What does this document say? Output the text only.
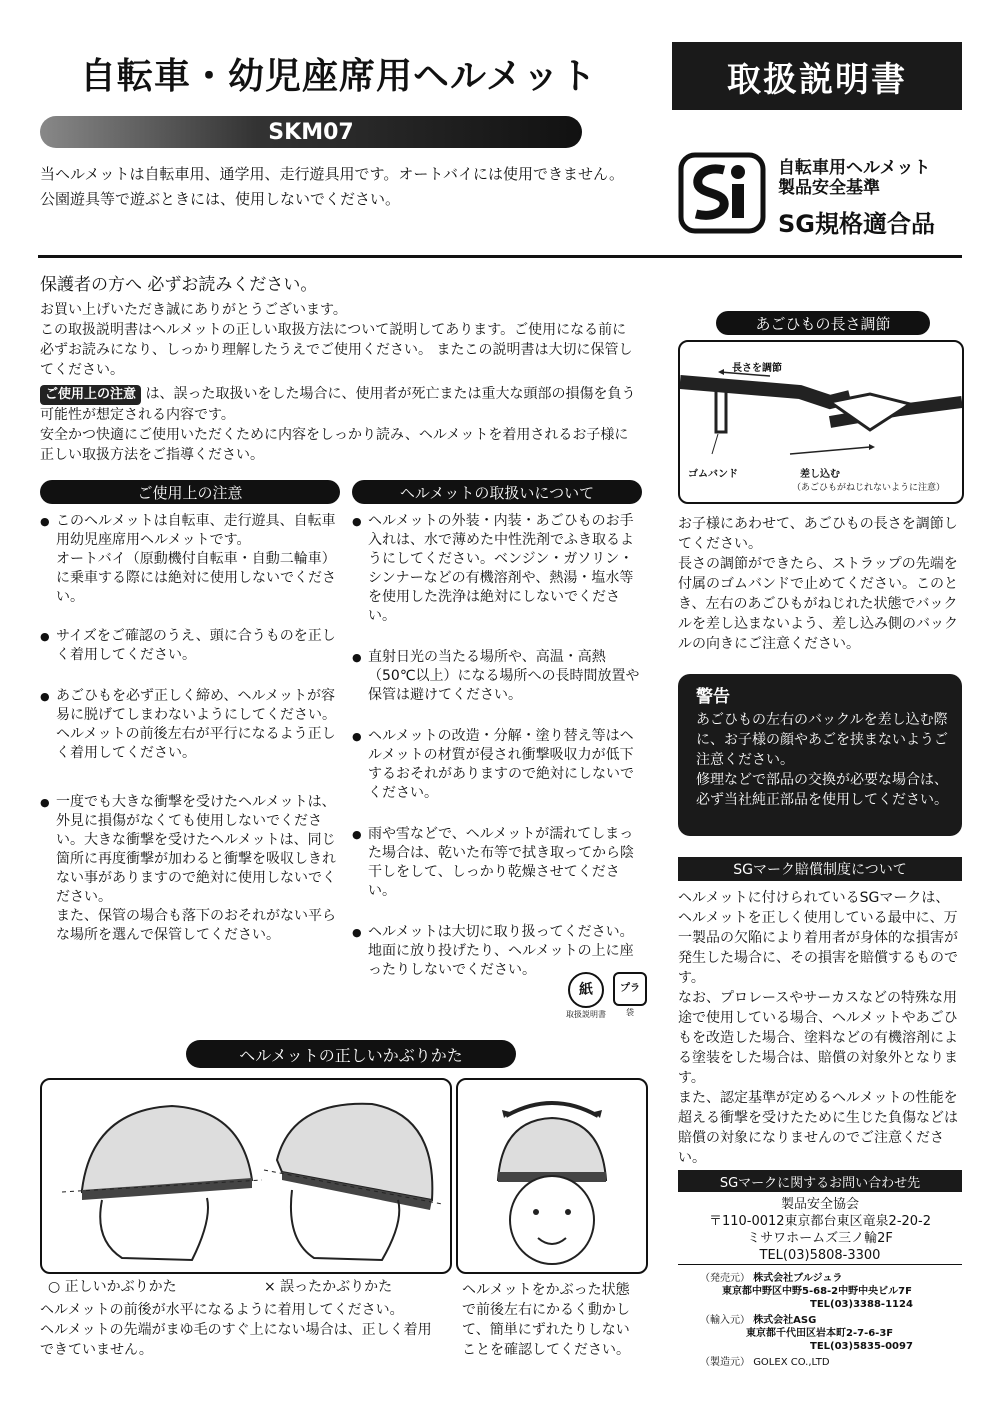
自転車・幼児座席用ヘルメット	取扱説明書
SKM07
当ヘルメットは自転車用、通学用、走行遊具用です。オートバイには使用できません。
公園遊具等で遊ぶときには、使用しないでください。
自転車用ヘルメット
製品安全基準
SG規格適合品
保護者の方へ 必ずお読みください。
お買い上げいただき誠にありがとうございます。
この取扱説明書はヘルメットの正しい取扱方法について説明してあります。ご使用になる前に必ずお読みになり、しっかり理解したうえでご使用ください。 またこの説明書は大切に保管してください。
ご使用上の注意 は、誤った取扱いをした場合に、使用者が死亡または重大な頭部の損傷を負う可能性が想定される内容です。
安全かつ快適にご使用いただくために内容をしっかり読み、ヘルメットを着用されるお子様に正しい取扱方法をご指導ください。
ご使用上の注意
● このヘルメットは自転車、走行遊具、自転車用幼児座席用ヘルメットです。
オートバイ（原動機付自転車・自動二輪車）に乗車する際には絶対に使用しないでください。
● サイズをご確認のうえ、頭に合うものを正しく着用してください。
● あごひもを必ず正しく締め、ヘルメットが容易に脱げてしまわないようにしてください。ヘルメットの前後左右が平行になるよう正しく着用してください。
● 一度でも大きな衝撃を受けたヘルメットは、外見に損傷がなくても使用しないでください。大きな衝撃を受けたヘルメットは、同じ箇所に再度衝撃が加わると衝撃を吸収しきれない事がありますので絶対に使用しないでください。
また、保管の場合も落下のおそれがない平らな場所を選んで保管してください。
ヘルメットの取扱いについて
● ヘルメットの外装・内装・あごひものお手入れは、水で薄めた中性洗剤でふき取るようにしてください。ベンジン・ガソリン・シンナーなどの有機溶剤や、熱湯・塩水等を使用した洗浄は絶対にしないでください。
● 直射日光の当たる場所や、高温・高熱（50℃以上）になる場所への長時間放置や保管は避けてください。
● ヘルメットの改造・分解・塗り替え等はヘルメットの材質が侵され衝撃吸収力が低下するおそれがありますので絶対にしないでください。
● 雨や雪などで、ヘルメットが濡れてしまった場合は、乾いた布等で拭き取ってから陰干しをして、しっかり乾燥させてください。
● ヘルメットは大切に取り扱ってください。地面に放り投げたり、ヘルメットの上に座ったりしないでください。
紙
取扱説明書
プラ
袋
あごひもの長さ調節
長さを調節
ゴムバンド	差し込む
（あごひもがねじれないように注意）
お子様にあわせて、あごひもの長さを調節してください。
長さの調節ができたら、ストラップの先端を付属のゴムバンドで止めてください。このとき、左右のあごひもがねじれた状態でバックルを差し込まないよう、差し込み側のバックルの向きにご注意ください。
警告
あごひもの左右のバックルを差し込む際に、お子様の顔やあごを挟まないようご注意ください。
修理などで部品の交換が必要な場合は、必ず当社純正部品を使用してください。
SGマーク賠償制度について
ヘルメットに付けられているSGマークは、ヘルメットを正しく使用している最中に、万一製品の欠陥により着用者が身体的な損害が発生した場合に、その損害を賠償するものです。
なお、プロレースやサーカスなどの特殊な用途で使用している場合、ヘルメットやあごひもを改造した場合、塗料などの有機溶剤による塗装をした場合は、賠償の対象外となります。
また、認定基準が定めるヘルメットの性能を超える衝撃を受けたために生じた負傷などは賠償の対象になりませんのでご注意ください。
SGマークに関するお問い合わせ先
製品安全協会
〒110-0012東京都台東区竜泉2-20-2
ミサワホームズ三ノ輪2F
TEL(03)5808-3300
（発売元） 株式会社ブルジュラ
東京都中野区中野5-68-2中野中央ビル7F
TEL(03)3388-1124
（輸入元） 株式会社ASG
東京都千代田区岩本町2-7-6-3F
TEL(03)5835-0097
（製造元） GOLEX CO.,LTD
ヘルメットの正しいかぶりかた
○ 正しいかぶりかた	× 誤ったかぶりかた
ヘルメットの前後が水平になるように着用してください。
ヘルメットの先端がまゆ毛のすぐ上にない場合は、正しく着用できていません。
ヘルメットをかぶった状態で前後左右にかるく動かして、簡単にずれたりしないことを確認してください。
